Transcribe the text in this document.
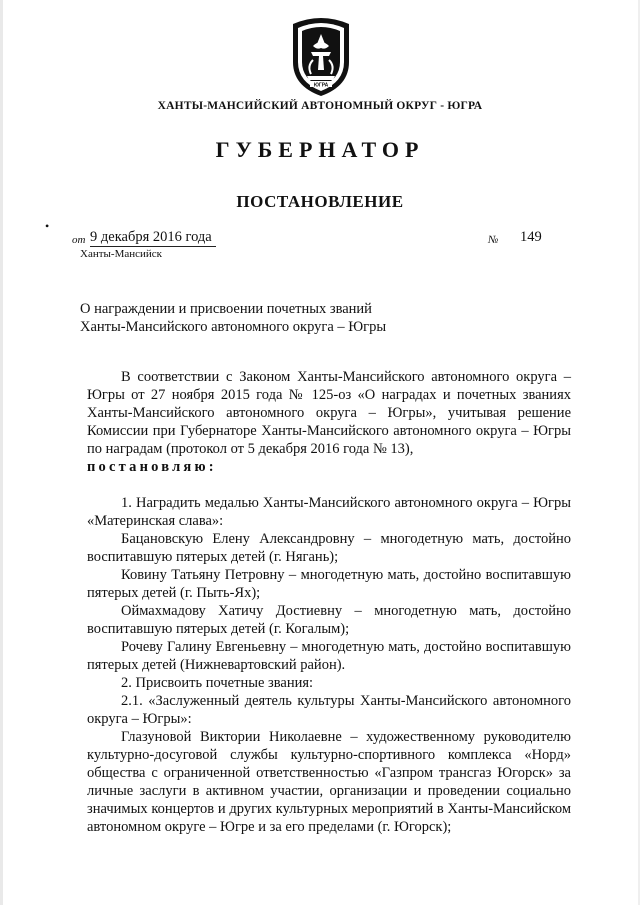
ЮГРА
ХАНТЫ-МАНСИЙСКИЙ АВТОНОМНЫЙ ОКРУГ - ЮГРА
ГУБЕРНАТОР
ПОСТАНОВЛЕНИЕ
•
от 9 декабря 2016 года	№ 149
Ханты-Мансийск
О награждении и присвоении почетных званий
Ханты-Мансийского автономного округа – Югры
В соответствии с Законом Ханты-Мансийского автономного округа – Югры от 27 ноября 2015 года № 125-оз «О наградах и почетных званиях Ханты-Мансийского автономного округа – Югры», учитывая решение Комиссии при Губернаторе Ханты-Мансийского автономного округа – Югры по наградам (протокол от 5 декабря 2016 года № 13),
постановляю:
1. Наградить медалью Ханты-Мансийского автономного округа – Югры «Материнская слава»:
Бацановскую Елену Александровну – многодетную мать, достойно воспитавшую пятерых детей (г. Нягань);
Ковину Татьяну Петровну – многодетную мать, достойно воспитавшую пятерых детей (г. Пыть-Ях);
Оймахмадову Хатичу Достиевну – многодетную мать, достойно воспитавшую пятерых детей (г. Когалым);
Рочеву Галину Евгеньевну – многодетную мать, достойно воспитавшую пятерых детей (Нижневартовский район).
2. Присвоить почетные звания:
2.1. «Заслуженный деятель культуры Ханты-Мансийского автономного округа – Югры»:
Глазуновой Виктории Николаевне – художественному руководителю культурно-досуговой службы культурно-спортивного комплекса «Норд» общества с ограниченной ответственностью «Газпром трансгаз Югорск» за личные заслуги в активном участии, организации и проведении социально значимых концертов и других культурных мероприятий в Ханты-Мансийском автономном округе – Югре и за его пределами (г. Югорск);
